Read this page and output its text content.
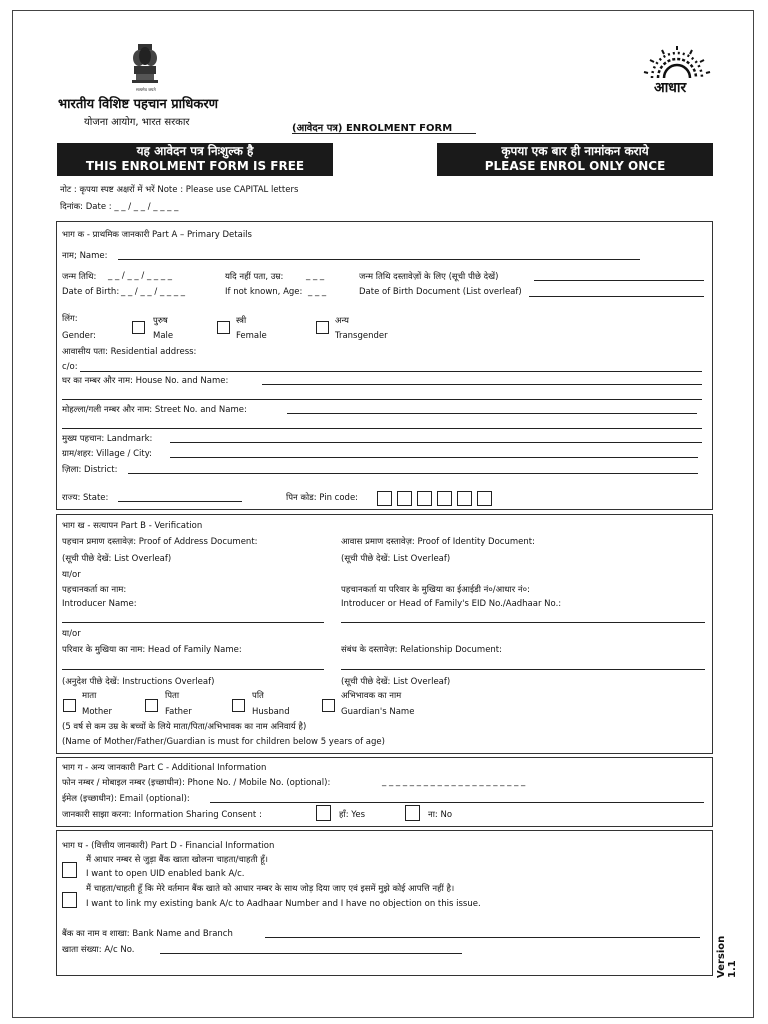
सत्यमेव जयते
भारतीय विशिष्ट पहचान प्राधिकरण
योजना आयोग, भारत सरकार
आधार
(आवेदन पत्र) ENROLMENT FORM
यह आवेदन पत्र निःशुल्क है
THIS ENROLMENT FORM IS FREE
कृपया एक बार ही नामांकन कराये
PLEASE ENROL ONLY ONCE
नोट : कृपया स्पष्ट अक्षरों में भरें Note : Please use CAPITAL letters
दिनांक: Date : _ _ / _ _ / _ _ _ _
भाग क - प्राथमिक जानकारी Part A – Primary Details
नाम; Name:
जन्म तिथि: _ _ / _ _ / _ _ _ _
Date of Birth: _ _ / _ _ / _ _ _ _
यदि नहीं पता, उम्र:	_ _ _
If not known, Age: _ _ _
जन्म तिथि दस्तावेज़ों के लिए (सूची पीछे देखें)
Date of Birth Document (List overleaf)
लिंग:
Gender:
पुरुष
Male
स्त्री
Female
अन्य
Transgender
आवासीय पता: Residential address:
c/o:
घर का नम्बर और नाम: House No. and Name:
मोहल्ला/गली नम्बर और नाम: Street No. and Name:
मुख्य पहचान: Landmark:
ग्राम/शहर: Village / City:
ज़िला: District:
राज्य: State:	पिन कोड: Pin code:
भाग ख - सत्यापन Part B - Verification
पहचान प्रमाण दस्तावेज़: Proof of Address Document:
(सूची पीछे देखें: List Overleaf)
आवास प्रमाण दस्तावेज़: Proof of Identity Document:
(सूची पीछे देखें: List Overleaf)
या/or
पहचानकर्ता का नाम:
Introducer Name:
पहचानकर्ता या परिवार के मुखिया का ईआईडी नं०/आधार नं०:
Introducer or Head of Family's EID No./Aadhaar No.:
या/or
परिवार के मुखिया का नाम: Head of Family Name:	संबंध के दस्तावेज़: Relationship Document:
(अनुदेश पीछे देखें: Instructions Overleaf)	(सूची पीछे देखें: List Overleaf)
माता
Mother
पिता
Father
पति
Husband
अभिभावक का नाम
Guardian's Name
(5 वर्ष से कम उम्र के बच्चों के लिये माता/पिता/अभिभावक का नाम अनिवार्य है)
(Name of Mother/Father/Guardian is must for children below 5 years of age)
भाग ग - अन्य जानकारी Part C - Additional Information
फोन नम्बर / मोबाइल नम्बर (इच्छाधीन): Phone No. / Mobile No. (optional):	_ _ _ _ _ _ _ _ _ _ _ _ _ _ _ _ _ _ _ _ _
ईमेल (इच्छाधीन): Email (optional):
जानकारी साझा करना: Information Sharing Consent :	हाँ: Yes	ना: No
भाग घ - (वित्तीय जानकारी) Part D - Financial Information
मैं आधार नम्बर से जुड़ा बैंक खाता खोलना चाहता/चाहती हूँ।
I want to open UID enabled bank A/c.
मैं चाहता/चाहती हूँ कि मेरे वर्तमान बैंक खाते को आधार नम्बर के साथ जोड़ दिया जाए एवं इसमें मुझे कोई आपत्ति नहीं है।
I want to link my existing bank A/c to Aadhaar Number and I have no objection on this issue.
बैंक का नाम व शाखा: Bank Name and Branch
खाता संख्या: A/c No.	Version 1.1
